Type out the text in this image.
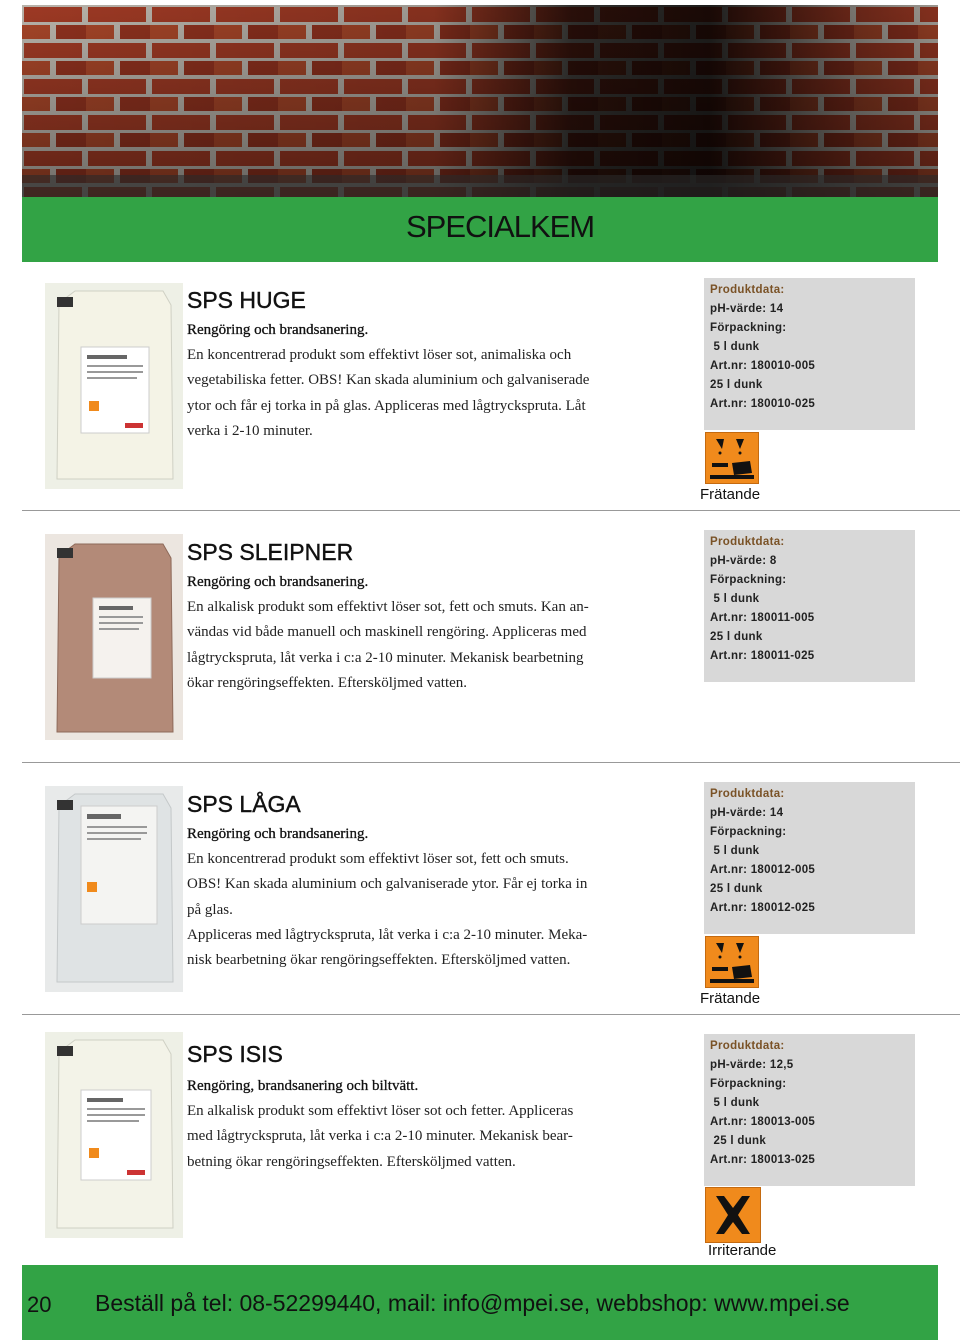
SPECIALKEM
SPS HUGE
Rengöring och brandsanering.
En koncentrerad produkt som effektivt löser sot, animaliska och
vegetabiliska fetter. OBS! Kan skada aluminium och galvaniserade
ytor och får ej torka in på glas. Appliceras med lågtryckspruta. Låt
verka i 2-10 minuter.
Produktdata:
pH-värde: 14
Förpackning:
5 l dunk
Art.nr: 180010-005
25 l dunk
Art.nr: 180010-025
Frätande
SPS SLEIPNER
Rengöring och brandsanering.
En alkalisk produkt som effektivt löser sot, fett och smuts. Kan an-
vändas vid både manuell och maskinell rengöring. Appliceras med
lågtryckspruta, låt verka i c:a 2-10 minuter. Mekanisk bearbetning
ökar rengöringseffekten. Eftersköljmed vatten.
Produktdata:
pH-värde: 8
Förpackning:
5 l dunk
Art.nr: 180011-005
25 l dunk
Art.nr: 180011-025
SPS LÅGA
Rengöring och brandsanering.
En koncentrerad produkt som effektivt löser sot, fett och smuts.
OBS! Kan skada aluminium och galvaniserade ytor. Får ej torka in
på glas.
Appliceras med lågtryckspruta, låt verka i c:a 2-10 minuter. Meka-
nisk bearbetning ökar rengöringseffekten. Eftersköljmed vatten.
Produktdata:
pH-värde: 14
Förpackning:
5 l dunk
Art.nr: 180012-005
25 l dunk
Art.nr: 180012-025
Frätande
SPS ISIS
Rengöring, brandsanering och biltvätt.
En alkalisk produkt som effektivt löser sot och fetter. Appliceras
med lågtryckspruta, låt verka i c:a 2-10 minuter. Mekanisk bear-
betning ökar rengöringseffekten. Eftersköljmed vatten.
Produktdata:
pH-värde: 12,5
Förpackning:
5 l dunk
Art.nr: 180013-005
25 l dunk
Art.nr: 180013-025
Irriterande
20 Beställ på tel: 08-52299440, mail: info@mpei.se, webbshop: www.mpei.se
